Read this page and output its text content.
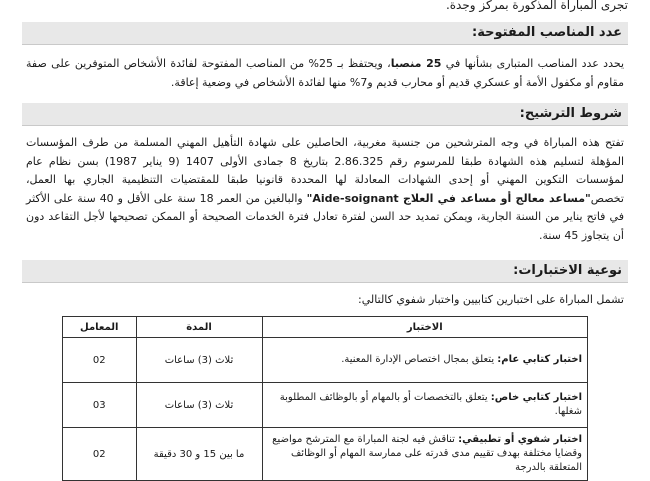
تجرى المباراة المذكورة بمركز وجدة.
عدد المناصب المفتوحة:
يحدد عدد المناصب المتبارى بشأنها في 25 منصبا، ويحتفظ بـ 25% من المناصب المفتوحة لفائدة الأشخاص المتوفرين على صفة مقاوم أو مكفول الأمة أو عسكري قديم أو محارب قديم و7% منها لفائدة الأشخاص في وضعية إعاقة.
شروط الترشيح:
تفتح هذه المباراة في وجه المترشحين من جنسية مغربية، الحاصلين على شهادة التأهيل المهني المسلمة من طرف المؤسسات المؤهلة لتسليم هذه الشهادة طبقا للمرسوم رقم 2.86.325 بتاريخ 8 جمادى الأولى 1407 (9 يناير 1987) بسن نظام عام لمؤسسات التكوين المهني أو إحدى الشهادات المعادلة لها المحددة قانونيا طبقا للمقتضيات التنظيمية الجاري بها العمل، تخصص"مساعد معالج أو مساعد في العلاج Aide-soignant" والبالغين من العمر 18 سنة على الأقل و 40 سنة على الأكثر في فاتح يناير من السنة الجارية، ويمكن تمديد حد السن لفترة تعادل فترة الخدمات الصحيحة أو الممكن تصحيحها لأجل التقاعد دون أن يتجاوز 45 سنة.
نوعية الاختبارات:
تشمل المباراة على اختبارين كتابيين واختبار شفوي كالتالي:
الاختبار	المدة	المعامل
اختبار كتابي عام: يتعلق بمجال اختصاص الإدارة المعنية.	ثلاث (3) ساعات	02
اختبار كتابي خاص: يتعلق بالتخصصات أو بالمهام أو بالوظائف المطلوبة شغلها.	ثلاث (3) ساعات	03
اختبار شفوي أو تطبيقي: تناقش فيه لجنة المباراة مع المترشح مواضيع وقضايا مختلفة بهدف تقييم مدى قدرته على ممارسة المهام أو الوظائف المتعلقة بالدرجة	ما بين 15 و 30 دقيقة	02
